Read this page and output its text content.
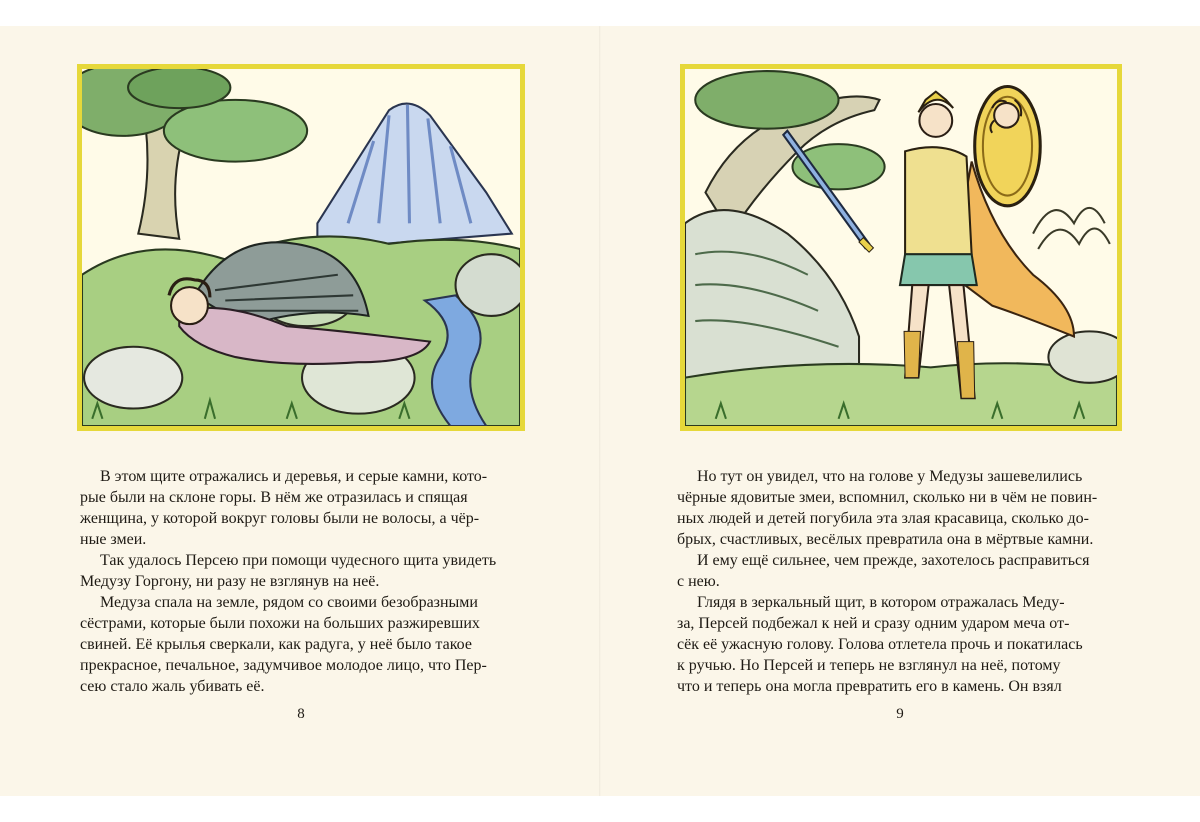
В этом щите отражались и деревья, и серые камни, кото-

рые были на склоне горы. В нём же отразилась и спящая

женщина, у которой вокруг головы были не волосы, а чёр-

ные змеи.

Так удалось Персею при помощи чудесного щита увидеть

Медузу Горгону, ни разу не взглянув на неё.

Медуза спала на земле, рядом со своими безобразными

сёстрами, которые были похожи на больших разжиревших

свиней. Её крылья сверкали, как радуга, у неё было такое

прекрасное, печальное, задумчивое молодое лицо, что Пер-

сею стало жаль убивать её.

Но тут он увидел, что на голове у Медузы зашевелились

чёрные ядовитые змеи, вспомнил, сколько ни в чём не повин-

ных людей и детей погубила эта злая красавица, сколько до-

брых, счастливых, весёлых превратила она в мёртвые камни.

И ему ещё сильнее, чем прежде, захотелось расправиться

с нею.

Глядя в зеркальный щит, в котором отражалась Меду-

за, Персей подбежал к ней и сразу одним ударом меча от-

сёк её ужасную голову. Голова отлетела прочь и покатилась

к ручью. Но Персей и теперь не взглянул на неё, потому

что и теперь она могла превратить его в камень. Он взял

8	9
